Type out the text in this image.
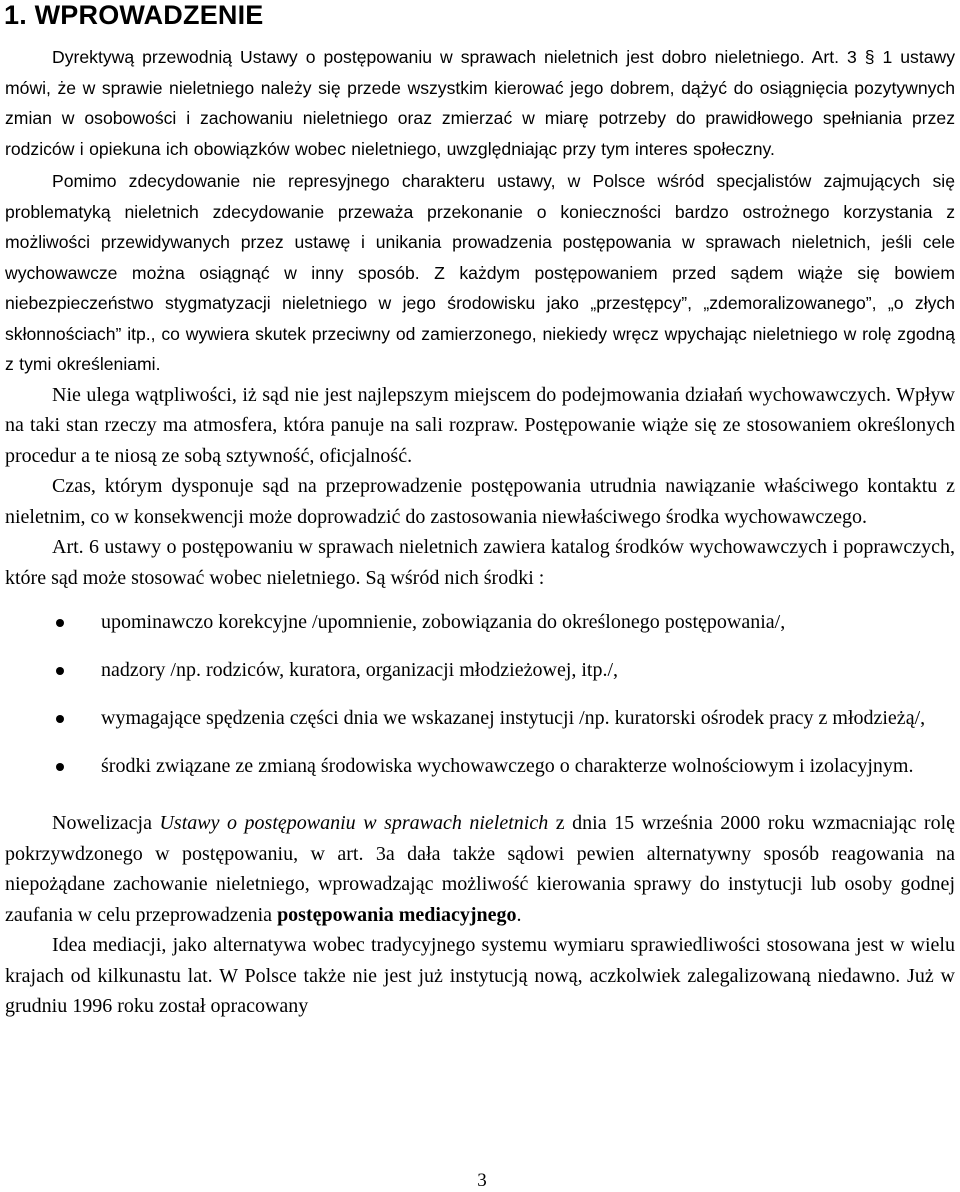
1. WPROWADZENIE

Dyrektywą przewodnią Ustawy o postępowaniu w sprawach nieletnich jest dobro nieletniego. Art. 3 § 1 ustawy mówi, że w sprawie nieletniego należy się przede wszystkim kierować jego dobrem, dążyć do osiągnięcia pozytywnych zmian w osobowości i zachowaniu nieletniego oraz zmierzać w miarę potrzeby do prawidłowego spełniania przez rodziców i opiekuna ich obowiązków wobec nieletniego, uwzględniając przy tym interes społeczny.

Pomimo zdecydowanie nie represyjnego charakteru ustawy, w Polsce wśród specjalistów zajmujących się problematyką nieletnich zdecydowanie przeważa przekonanie o konieczności bardzo ostrożnego korzystania z możliwości przewidywanych przez ustawę i unikania prowadzenia postępowania w sprawach nieletnich, jeśli cele wychowawcze można osiągnąć w inny sposób. Z każdym postępowaniem przed sądem wiąże się bowiem niebezpieczeństwo stygmatyzacji nieletniego w jego środowisku jako „przestępcy”, „zdemoralizowanego”, „o złych skłonnościach” itp., co wywiera skutek przeciwny od zamierzonego, niekiedy wręcz wpychając nieletniego w rolę zgodną z tymi określeniami.

Nie ulega wątpliwości, iż sąd nie jest najlepszym miejscem do podejmowania działań wychowawczych. Wpływ na taki stan rzeczy ma atmosfera, która panuje na sali rozpraw. Postępowanie wiąże się ze stosowaniem określonych procedur a te niosą ze sobą sztywność, oficjalność.

Czas, którym dysponuje sąd na przeprowadzenie postępowania utrudnia nawiązanie właściwego kontaktu z nieletnim, co w konsekwencji może doprowadzić do zastosowania niewłaściwego środka wychowawczego.

Art. 6 ustawy o postępowaniu w sprawach nieletnich zawiera katalog środków wychowawczych i poprawczych, które sąd może stosować wobec nieletniego. Są wśród nich środki :

upominawczo korekcyjne /upomnienie, zobowiązania do określonego postępowania/,
nadzory /np. rodziców, kuratora, organizacji młodzieżowej, itp./,
wymagające spędzenia części dnia we wskazanej instytucji /np. kuratorski ośrodek pracy z młodzieżą/,
środki związane ze zmianą środowiska wychowawczego o charakterze wolnościowym i izolacyjnym.

Nowelizacja Ustawy o postępowaniu w sprawach nieletnich z dnia 15 września 2000 roku wzmacniając rolę pokrzywdzonego w postępowaniu, w art. 3a dała także sądowi pewien alternatywny sposób reagowania na niepożądane zachowanie nieletniego, wprowadzając możliwość kierowania sprawy do instytucji lub osoby godnej zaufania w celu przeprowadzenia postępowania mediacyjnego.

Idea mediacji, jako alternatywa wobec tradycyjnego systemu wymiaru sprawiedliwości stosowana jest w wielu krajach od kilkunastu lat. W Polsce także nie jest już instytucją nową, aczkolwiek zalegalizowaną niedawno. Już w grudniu 1996 roku został opracowany

3
